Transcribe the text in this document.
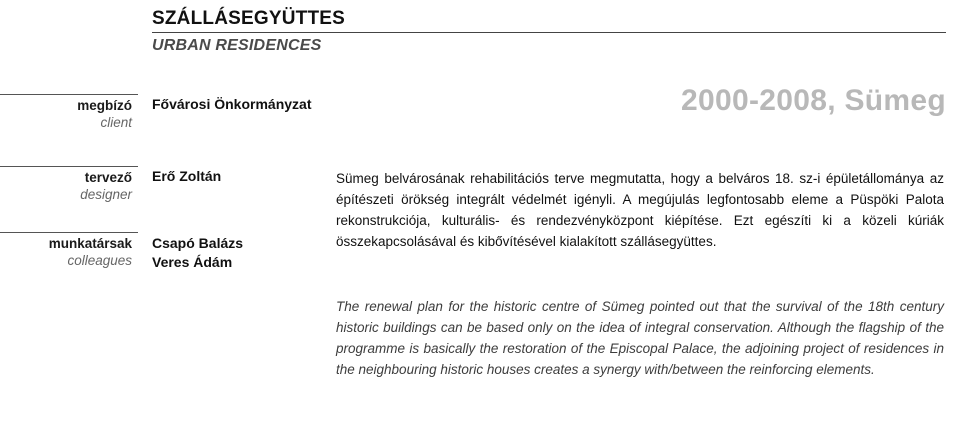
SZÁLLÁSEGYÜTTES
URBAN RESIDENCES
2000-2008, Sümeg
megbízó
client
Fővárosi Önkormányzat
tervező
designer
Erő Zoltán
munkatársak
colleagues
Csapó Balázs
Veres Ádám
Sümeg belvárosának rehabilitációs terve megmutatta, hogy a belváros 18. sz-i épületállománya az építészeti örökség integrált védelmét igényli. A megújulás legfontosabb eleme a Püspöki Palota rekonstrukciója, kulturális- és rendezvényközpont kiépítése. Ezt egészíti ki a közeli kúriák összekapcsolásával és kibővítésével kialakított szállásegyüttes.
The renewal plan for the historic centre of Sümeg pointed out that the survival of the 18th century historic buildings can be based only on the idea of integral conservation. Although the flagship of the programme is basically the restoration of the Episcopal Palace, the adjoining project of residences in the neighbouring historic houses creates a synergy with/between the reinforcing elements.
